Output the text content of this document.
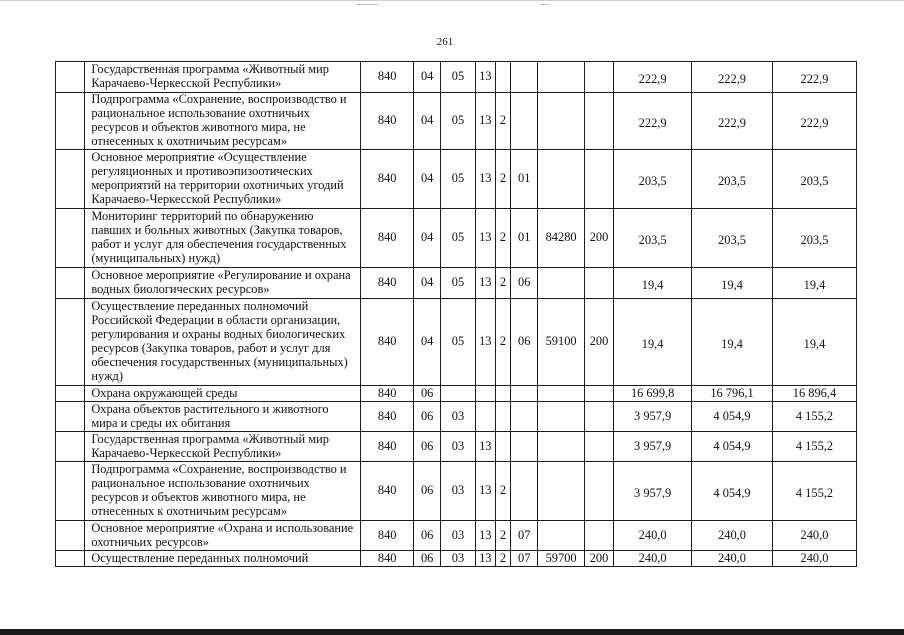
261
	Государственная программа «Животный мир Карачаево-Черкесской Республики»	840	04	05	13					222,9	222,9	222,9
	Подпрограмма «Сохранение, воспроизводство и рациональное использование охотничьих ресурсов и объектов животного мира, не отнесенных к охотничьим ресурсам»	840	04	05	13	2				222,9	222,9	222,9
	Основное мероприятие «Осуществление регуляционных и противоэпизоотических мероприятий на территории охотничьих угодий Карачаево-Черкесской Республики»	840	04	05	13	2	01			203,5	203,5	203,5
	Мониторинг территорий по обнаружению павших и больных животных (Закупка товаров, работ и услуг для обеспечения государственных (муниципальных) нужд)	840	04	05	13	2	01	84280	200	203,5	203,5	203,5
	Основное мероприятие «Регулирование и охрана водных биологических ресурсов»	840	04	05	13	2	06			19,4	19,4	19,4
	Осуществление переданных полномочий Российской Федерации в области организации, регулирования и охраны водных биологических ресурсов (Закупка товаров, работ и услуг для обеспечения государственных (муниципальных) нужд)	840	04	05	13	2	06	59100	200	19,4	19,4	19,4
	Охрана окружающей среды	840	06							16 699,8	16 796,1	16 896,4
	Охрана объектов растительного и животного мира и среды их обитания	840	06	03						3 957,9	4 054,9	4 155,2
	Государственная программа «Животный мир Карачаево-Черкесской Республики»	840	06	03	13					3 957,9	4 054,9	4 155,2
	Подпрограмма «Сохранение, воспроизводство и рациональное использование охотничьих ресурсов и объектов животного мира, не отнесенных к охотничьим ресурсам»	840	06	03	13	2				3 957,9	4 054,9	4 155,2
	Основное мероприятие «Охрана и использование охотничьих ресурсов»	840	06	03	13	2	07			240,0	240,0	240,0
	Осуществление переданных полномочий	840	06	03	13	2	07	59700	200	240,0	240,0	240,0
